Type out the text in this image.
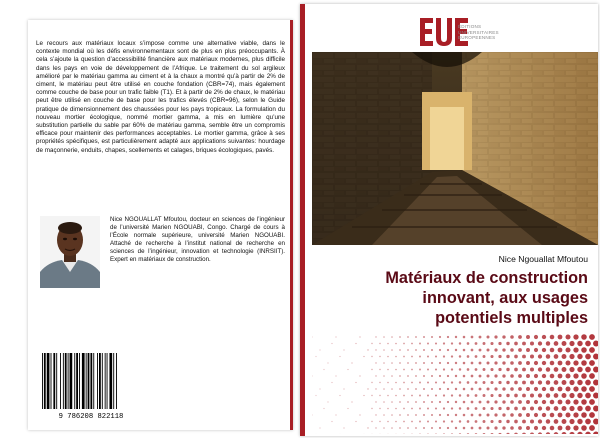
Le recours aux matériaux locaux s’impose comme une alternative viable, dans le contexte mondial où les défis environnementaux sont de plus en plus préoccupants. À cela s’ajoute la question d’accessibilité financière aux matériaux modernes, plus difficile dans les pays en voie de développement de l’Afrique. Le traitement du sol argileux amélioré par le matériau gamma au ciment et à la chaux a montré qu’à partir de 2% de ciment, le matériau peut être utilisé en couche fondation (CBR=74), mais également comme couche de base pour un trafic faible (T1). Et à partir de 2% de chaux, le matériau peut être utilisé en couche de base pour les trafics élevés (CBR=96), selon le Guide pratique de dimensionnement des chaussées pour les pays tropicaux. La formulation du nouveau mortier écologique, nommé mortier gamma, a mis en lumière qu’une substitution partielle du sable par 60% de matériau gamma, semble être un compromis efficace pour maintenir des performances acceptables. Le mortier gamma, grâce à ses propriétés spécifiques, est particulièrement adapté aux applications suivantes: hourdage de maçonnerie, enduits, chapes, scellements et calages, briques écologiques, pavés.
Nice NGOUALLAT Mfoutou, docteur en sciences de l’ingénieur de l’université Marien NGOUABI, Congo. Chargé de cours à l’École normale supérieure, université Marien NGOUABI. Attaché de recherche à l’institut national de recherche en sciences de l’ingénieur, innovation et technologie (INRSIIT). Expert en matériaux de construction.
9 786208 822118
ÉDITIONS
UNIVERSITAIRES
EUROPEENNES
Nice Ngouallat Mfoutou
Matériaux de construction
innovant, aux usages
potentiels multiples
